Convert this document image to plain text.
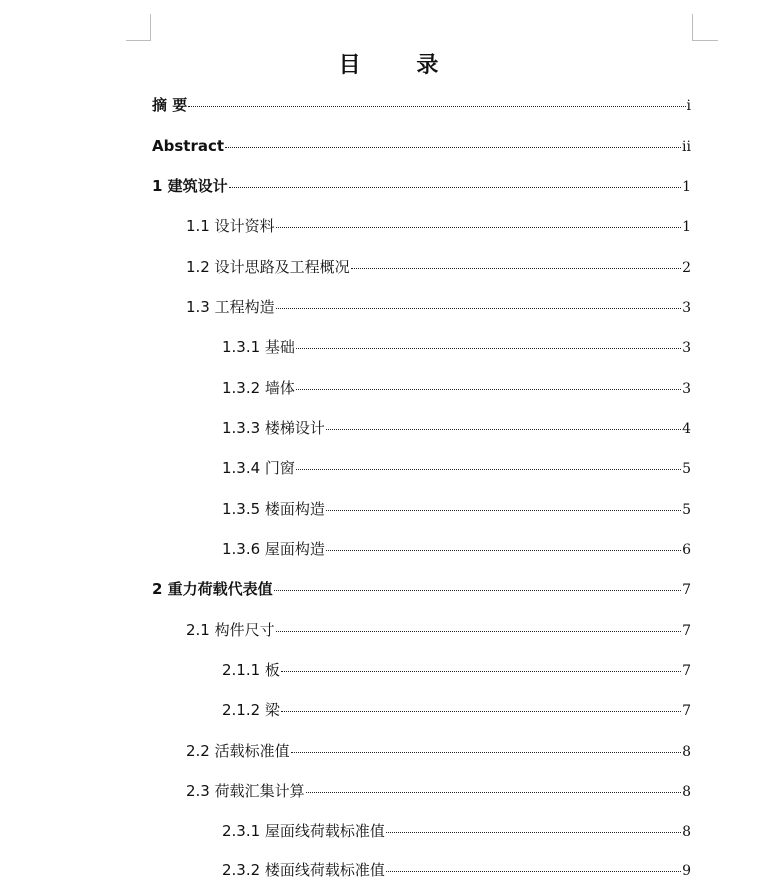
目 录
摘 要	i
Abstract	ii
1 建筑设计	1
1.1 设计资料	1
1.2 设计思路及工程概况	2
1.3 工程构造	3
1.3.1 基础	3
1.3.2 墙体	3
1.3.3 楼梯设计	4
1.3.4 门窗	5
1.3.5 楼面构造	5
1.3.6 屋面构造	6
2 重力荷载代表值	7
2.1 构件尺寸	7
2.1.1 板	7
2.1.2 梁	7
2.2 活载标准值	8
2.3 荷载汇集计算	8
2.3.1 屋面线荷载标准值	8
2.3.2 楼面线荷载标准值	9
